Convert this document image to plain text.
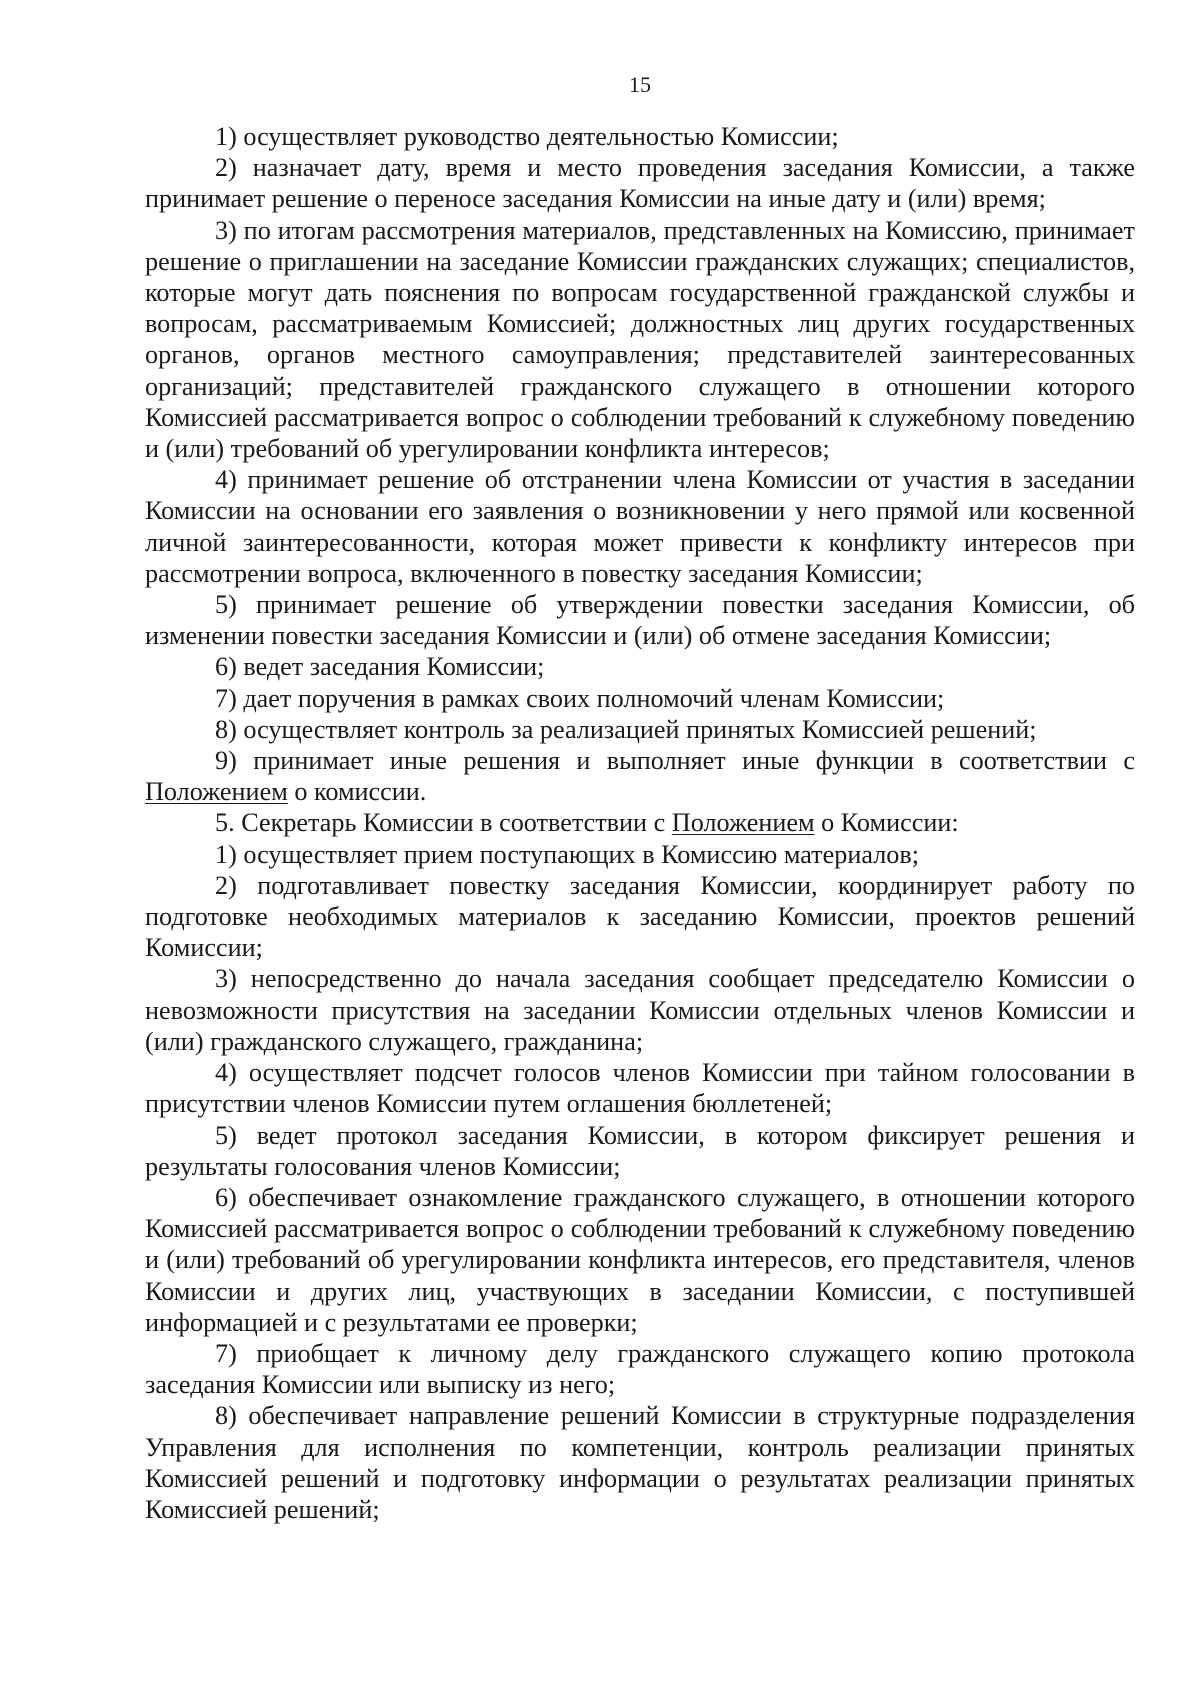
15

1) осуществляет руководство деятельностью Комиссии;

2) назначает дату, время и место проведения заседания Комиссии, а также принимает решение о переносе заседания Комиссии на иные дату и (или) время;

3) по итогам рассмотрения материалов, представленных на Комиссию, принимает решение о приглашении на заседание Комиссии гражданских служащих; специалистов, которые могут дать пояснения по вопросам государственной гражданской службы и вопросам, рассматриваемым Комиссией; должностных лиц других государственных органов, органов местного самоуправления; представителей заинтересованных организаций; представителей гражданского служащего в отношении которого Комиссией рассматривается вопрос о соблюдении требований к служебному поведению и (или) требований об урегулировании конфликта интересов;

4) принимает решение об отстранении члена Комиссии от участия в заседании Комиссии на основании его заявления о возникновении у него прямой или косвенной личной заинтересованности, которая может привести к конфликту интересов при рассмотрении вопроса, включенного в повестку заседания Комиссии;

5) принимает решение об утверждении повестки заседания Комиссии, об изменении повестки заседания Комиссии и (или) об отмене заседания Комиссии;

6) ведет заседания Комиссии;

7) дает поручения в рамках своих полномочий членам Комиссии;

8) осуществляет контроль за реализацией принятых Комиссией решений;

9) принимает иные решения и выполняет иные функции в соответствии с Положением о комиссии.

5. Секретарь Комиссии в соответствии с Положением о Комиссии:

1) осуществляет прием поступающих в Комиссию материалов;

2) подготавливает повестку заседания Комиссии, координирует работу по подготовке необходимых материалов к заседанию Комиссии, проектов решений Комиссии;

3) непосредственно до начала заседания сообщает председателю Комиссии о невозможности присутствия на заседании Комиссии отдельных членов Комиссии и (или) гражданского служащего, гражданина;

4) осуществляет подсчет голосов членов Комиссии при тайном голосовании в присутствии членов Комиссии путем оглашения бюллетеней;

5) ведет протокол заседания Комиссии, в котором фиксирует решения и результаты голосования членов Комиссии;

6) обеспечивает ознакомление гражданского служащего, в отношении которого Комиссией рассматривается вопрос о соблюдении требований к служебному поведению и (или) требований об урегулировании конфликта интересов, его представителя, членов Комиссии и других лиц, участвующих в заседании Комиссии, с поступившей информацией и с результатами ее проверки;

7) приобщает к личному делу гражданского служащего копию протокола заседания Комиссии или выписку из него;

8) обеспечивает направление решений Комиссии в структурные подразделения Управления для исполнения по компетенции, контроль реализации принятых Комиссией решений и подготовку информации о результатах реализации принятых Комиссией решений;
